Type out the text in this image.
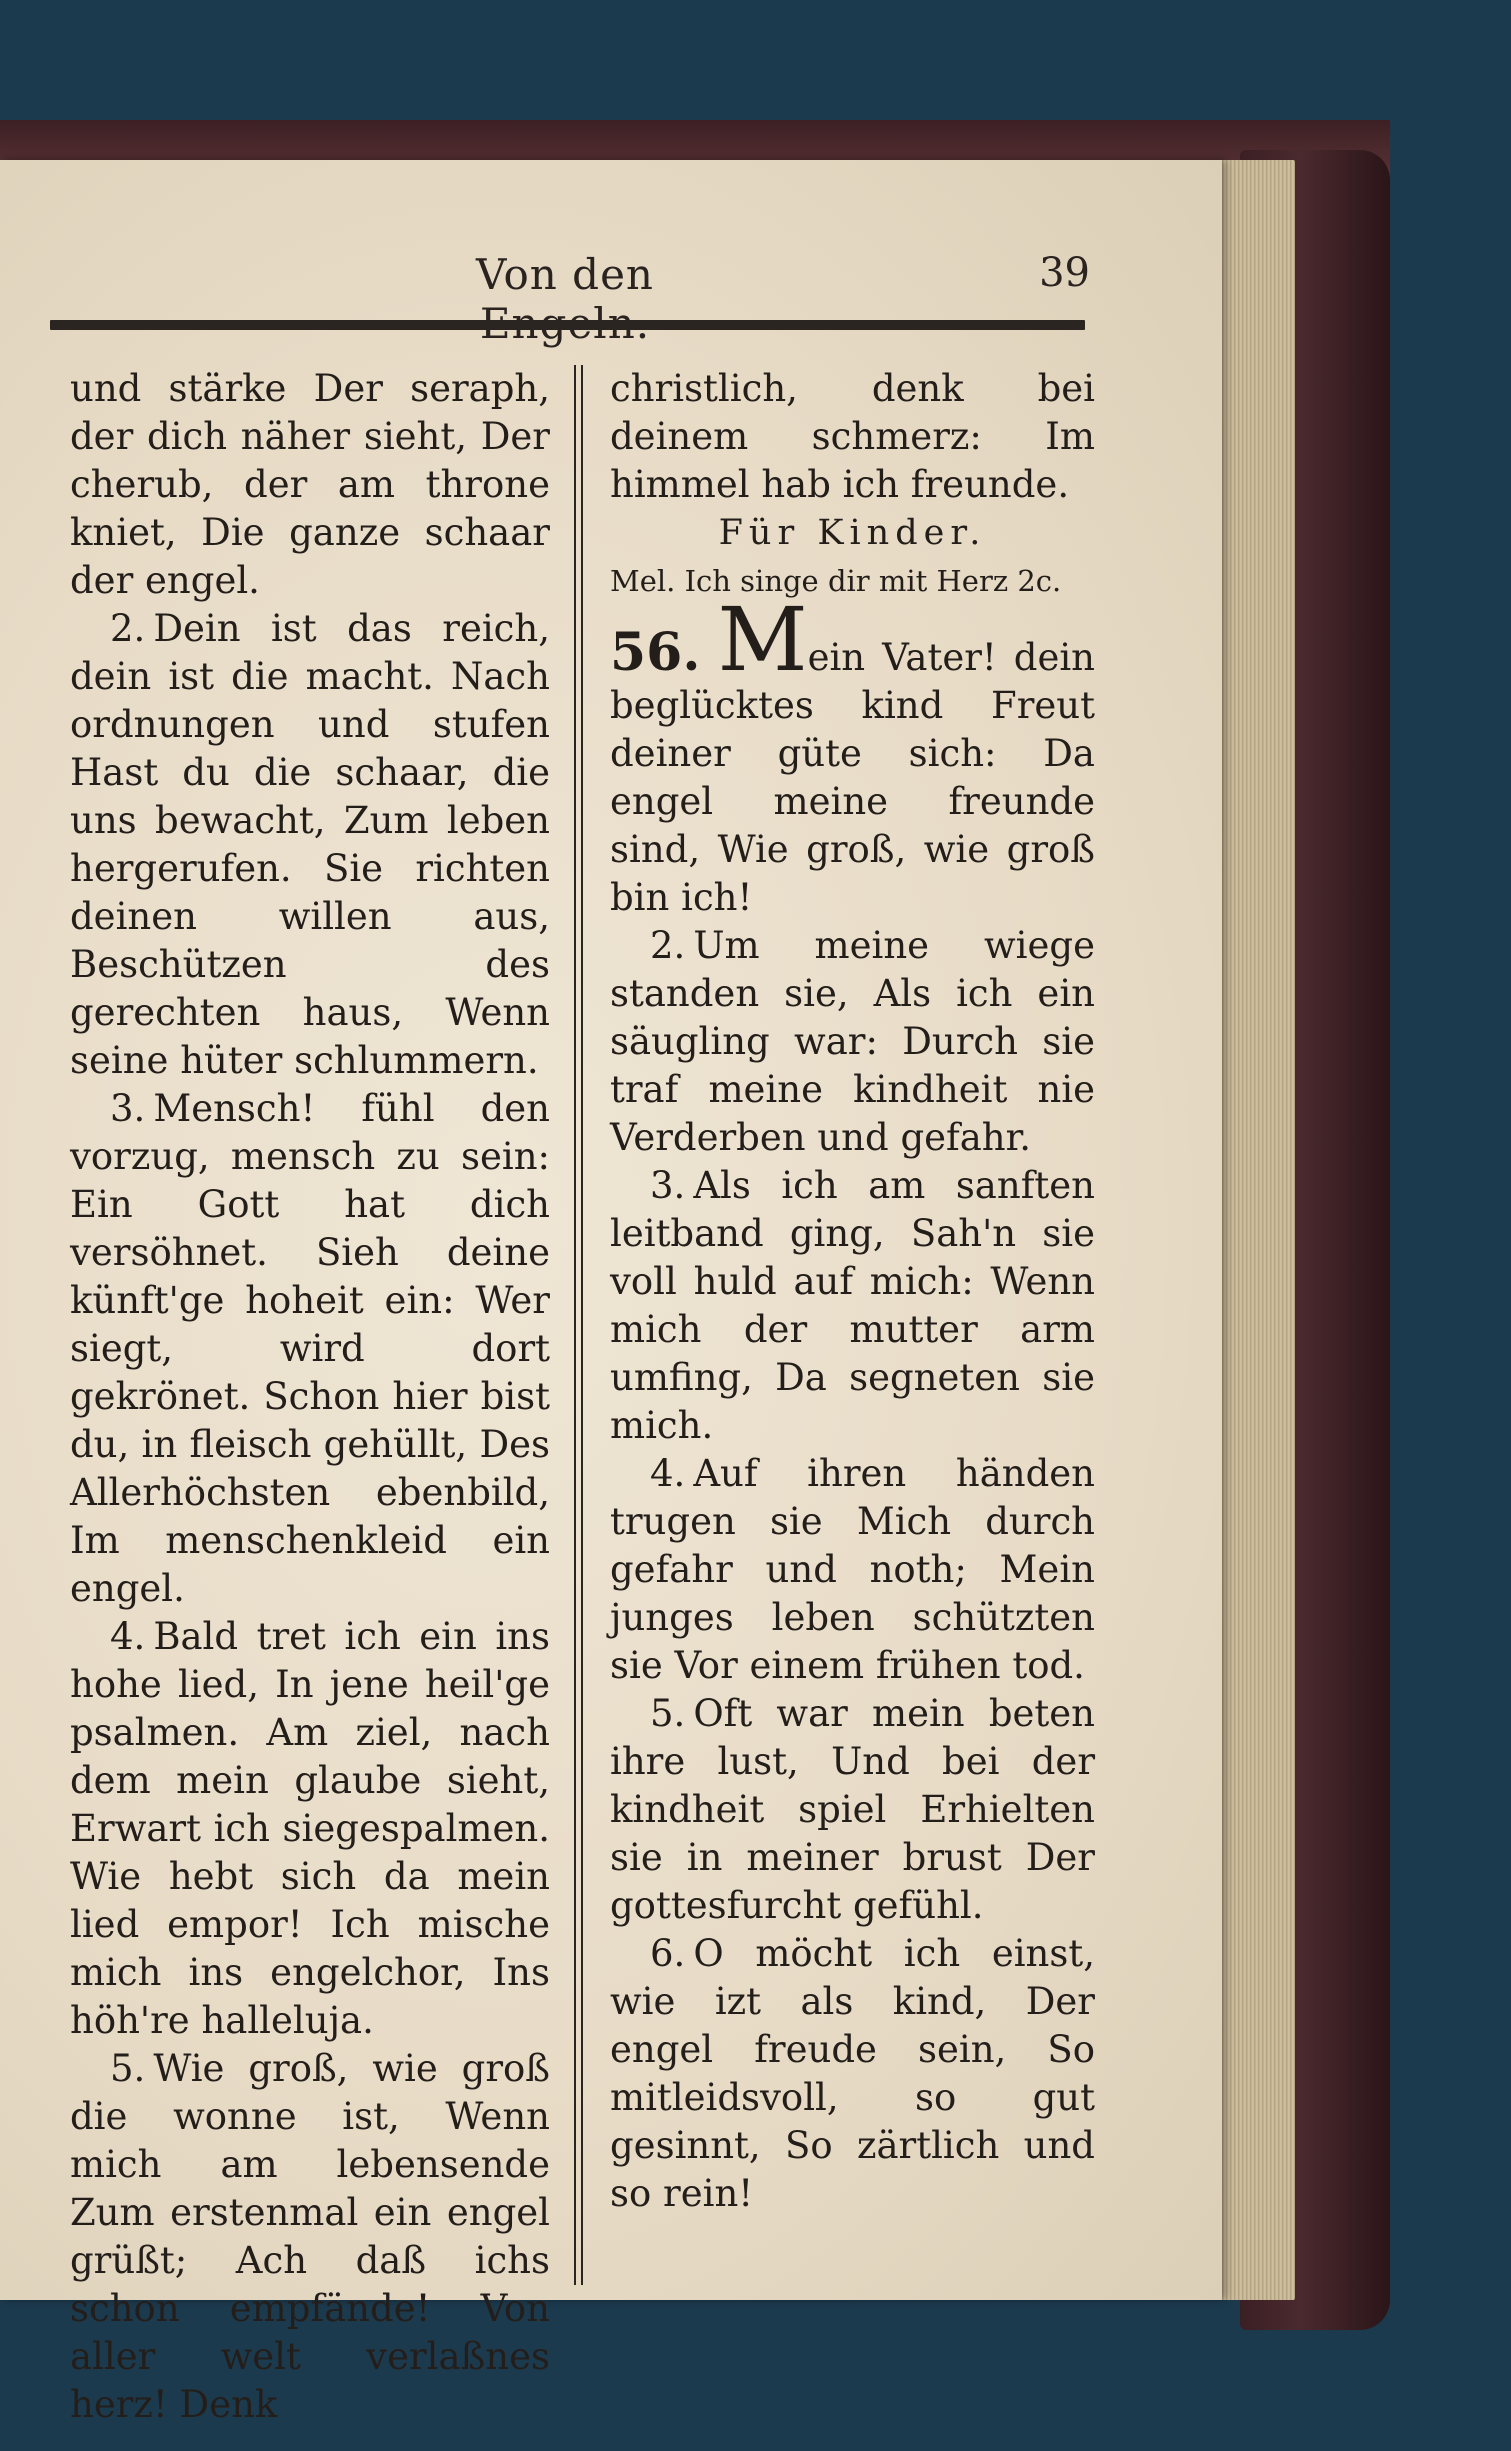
Von den	39

und stärke Der seraph, der dich näher sieht, Der cherub, der am throne kniet, Die ganze schaar der engel.

2. Dein ist das reich, dein ist die macht. Nach ordnungen und stufen Hast du die schaar, die uns bewacht, Zum leben hergerufen. Sie richten deinen willen aus, Beschützen des gerechten haus, Wenn seine hüter schlummern.

3. Mensch! fühl den vorzug, mensch zu sein: Ein Gott hat dich versöhnet. Sieh deine künft'ge hoheit ein: Wer siegt, wird dort gekrönet. Schon hier bist du, in fleisch gehüllt, Des Allerhöchsten ebenbild, Im menschenkleid ein engel.

4. Bald tret ich ein ins hohe lied, In jene heil'ge psalmen. Am ziel, nach dem mein glaube sieht, Erwart ich siegespalmen. Wie hebt sich da mein lied empor! Ich mische mich ins engelchor, Ins höh're halleluja.

5. Wie groß, wie groß die wonne ist, Wenn mich am lebensende Zum erstenmal ein engel grüßt; Ach daß ichs schon empfände! Von aller welt verlaßnes herz! Denk

christlich, denk bei deinem schmerz: Im himmel hab ich freunde.

Für Kinder.

Mel. Ich singe dir mit Herz 2c.

56. Mein Vater! dein beglücktes kind Freut deiner güte sich: Da engel meine freunde sind, Wie groß, wie groß bin ich!

2. Um meine wiege standen sie, Als ich ein säugling war: Durch sie traf meine kindheit nie Verderben und gefahr.

3. Als ich am sanften leitband ging, Sah'n sie voll huld auf mich: Wenn mich der mutter arm umfing, Da segneten sie mich.

4. Auf ihren händen trugen sie Mich durch gefahr und noth; Mein junges leben schützten sie Vor einem frühen tod.

5. Oft war mein beten ihre lust, Und bei der kindheit spiel Erhielten sie in meiner brust Der gottesfurcht gefühl.

6. O möcht ich einst, wie izt als kind, Der engel freude sein, So mitleidsvoll, so gut gesinnt, So zärtlich und so rein!
